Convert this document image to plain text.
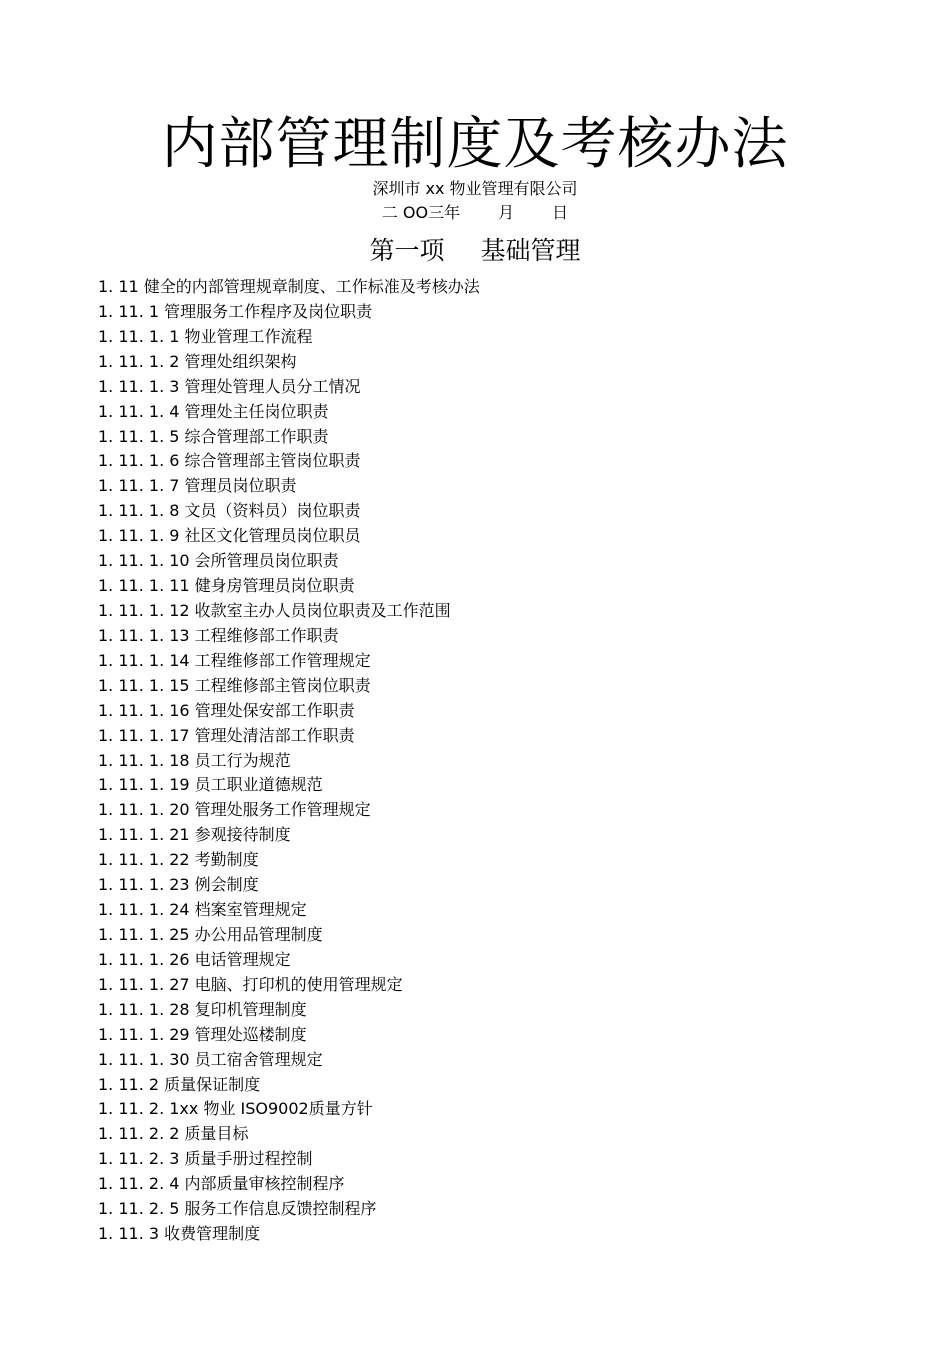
内部管理制度及考核办法
深圳市 xx 物业管理有限公司
二 OO三年 月 日
第一项 基础管理
1. 11 健全的内部管理规章制度、工作标准及考核办法
1. 11. 1 管理服务工作程序及岗位职责
1. 11. 1. 1 物业管理工作流程
1. 11. 1. 2 管理处组织架构
1. 11. 1. 3 管理处管理人员分工情况
1. 11. 1. 4 管理处主任岗位职责
1. 11. 1. 5 综合管理部工作职责
1. 11. 1. 6 综合管理部主管岗位职责
1. 11. 1. 7 管理员岗位职责
1. 11. 1. 8 文员（资料员）岗位职责
1. 11. 1. 9 社区文化管理员岗位职员
1. 11. 1. 10 会所管理员岗位职责
1. 11. 1. 11 健身房管理员岗位职责
1. 11. 1. 12 收款室主办人员岗位职责及工作范围
1. 11. 1. 13 工程维修部工作职责
1. 11. 1. 14 工程维修部工作管理规定
1. 11. 1. 15 工程维修部主管岗位职责
1. 11. 1. 16 管理处保安部工作职责
1. 11. 1. 17 管理处清洁部工作职责
1. 11. 1. 18 员工行为规范
1. 11. 1. 19 员工职业道德规范
1. 11. 1. 20 管理处服务工作管理规定
1. 11. 1. 21 参观接待制度
1. 11. 1. 22 考勤制度
1. 11. 1. 23 例会制度
1. 11. 1. 24 档案室管理规定
1. 11. 1. 25 办公用品管理制度
1. 11. 1. 26 电话管理规定
1. 11. 1. 27 电脑、打印机的使用管理规定
1. 11. 1. 28 复印机管理制度
1. 11. 1. 29 管理处巡楼制度
1. 11. 1. 30 员工宿舍管理规定
1. 11. 2 质量保证制度
1. 11. 2. 1xx 物业 ISO9002质量方针
1. 11. 2. 2 质量目标
1. 11. 2. 3 质量手册过程控制
1. 11. 2. 4 内部质量审核控制程序
1. 11. 2. 5 服务工作信息反馈控制程序
1. 11. 3 收费管理制度
